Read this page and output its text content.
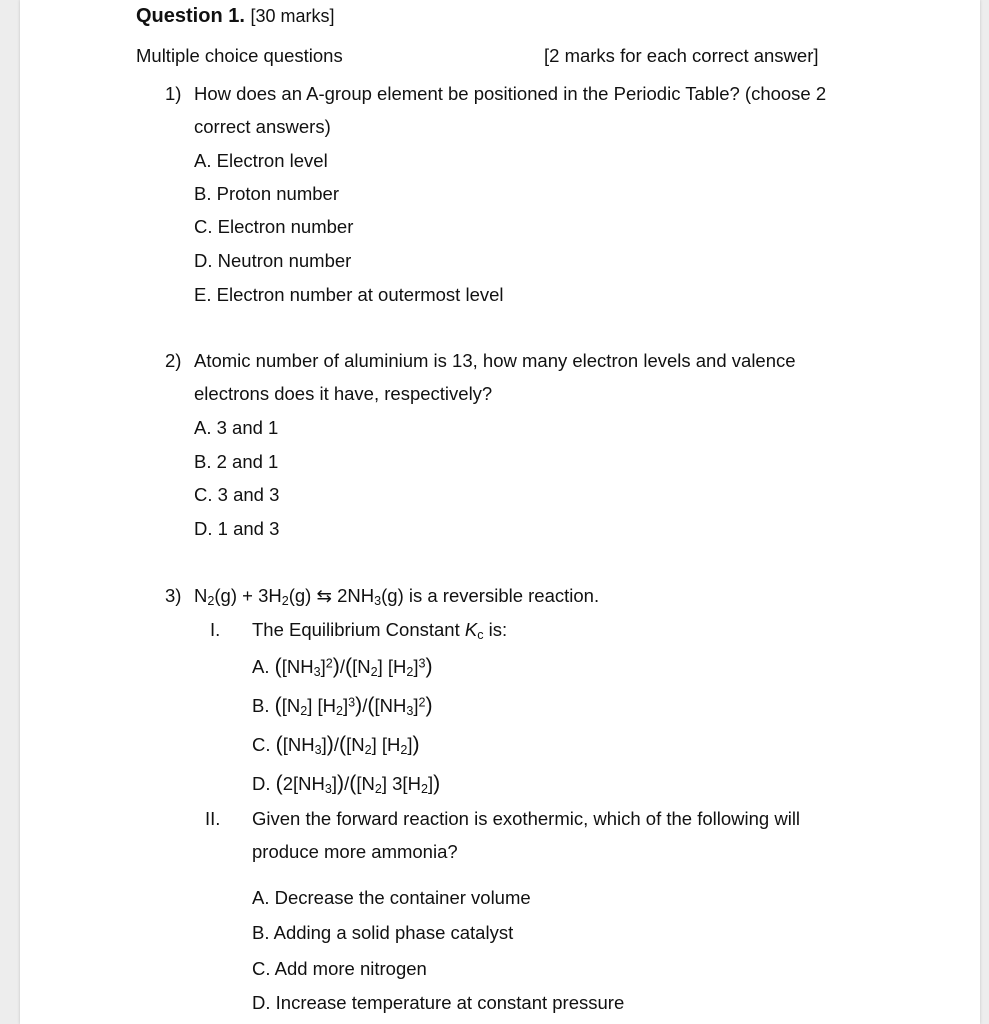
Question 1. [30 marks]
Multiple choice questions	[2 marks for each correct answer]
1) How does an A-group element be positioned in the Periodic Table? (choose 2
correct answers)
A. Electron level
B. Proton number
C. Electron number
D. Neutron number
E. Electron number at outermost level
2) Atomic number of aluminium is 13, how many electron levels and valence
electrons does it have, respectively?
A. 3 and 1
B. 2 and 1
C. 3 and 3
D. 1 and 3
3) $N_2(g) + 3H_2(g)$ ⇆ $2NH_3(g)$ is a reversible reaction.
I. The Equilibrium Constant $K_c$ is:
A. $([NH_3]^2)/([N_2]$ $[H_2]^3$)
B. ($[N_2]$ $[H_2]^3)/([NH_3]^2)$
C. $([NH_3])/([N_2]$ $[H_2]$)
D. $(2[NH_3])/([N_2]$ $3[H_2]$)
II. Given the forward reaction is exothermic, which of the following will
produce more ammonia?
A. Decrease the container volume
B. Adding a solid phase catalyst
C. Add more nitrogen
D. Increase temperature at constant pressure
